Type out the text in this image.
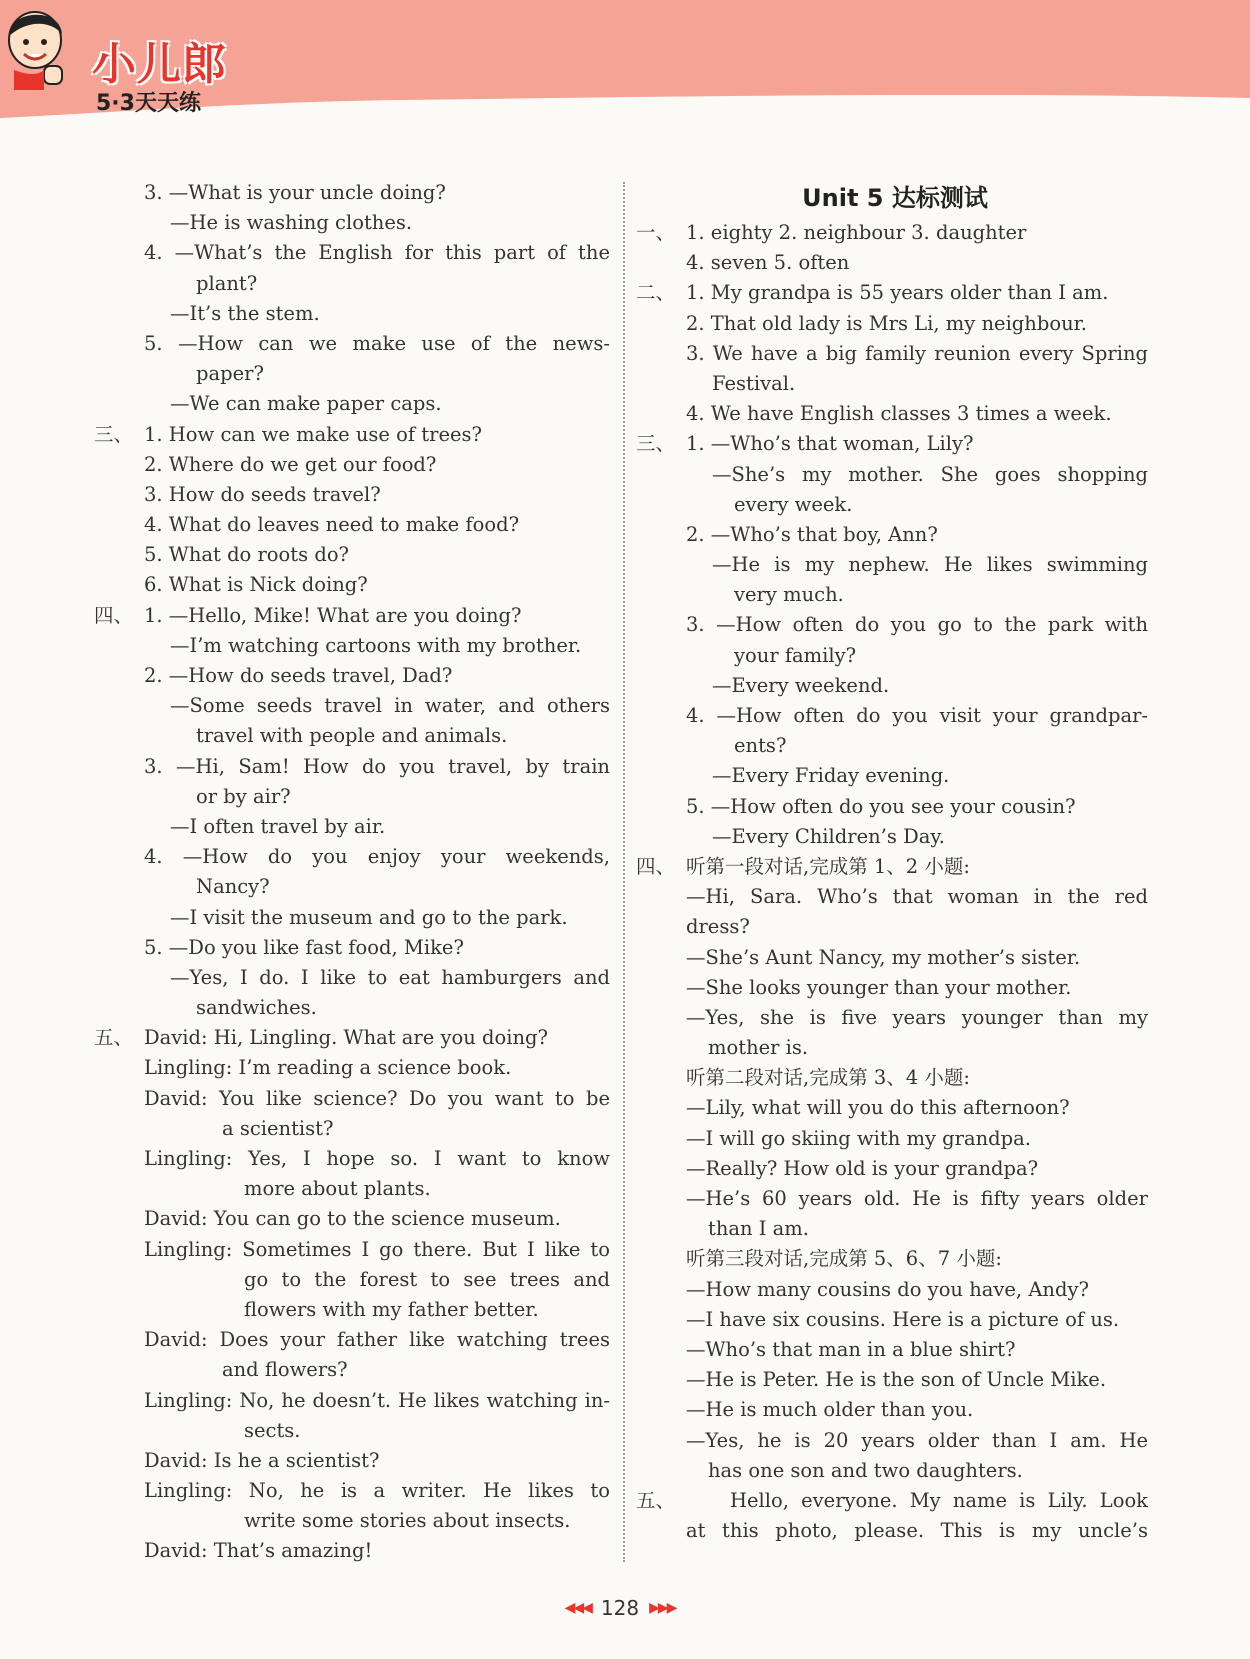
小儿郎
5·3天天练
3. —What is your uncle doing?
—He is washing clothes.
4. —What’s the English for this part of the
plant?
—It’s the stem.
5. —How can we make use of the news-
paper?
—We can make paper caps.
三、 1. How can we make use of trees?
2. Where do we get our food?
3. How do seeds travel?
4. What do leaves need to make food?
5. What do roots do?
6. What is Nick doing?
四、 1. —Hello, Mike! What are you doing?
—I’m watching cartoons with my brother.
2. —How do seeds travel, Dad?
—Some seeds travel in water, and others
travel with people and animals.
3. —Hi, Sam! How do you travel, by train
or by air?
—I often travel by air.
4. —How do you enjoy your weekends,
Nancy?
—I visit the museum and go to the park.
5. —Do you like fast food, Mike?
—Yes, I do. I like to eat hamburgers and
sandwiches.
五、 David: Hi, Lingling. What are you doing?
Lingling: I’m reading a science book.
David: You like science? Do you want to be
a scientist?
Lingling: Yes, I hope so. I want to know
more about plants.
David: You can go to the science museum.
Lingling: Sometimes I go there. But I like to
go to the forest to see trees and
flowers with my father better.
David: Does your father like watching trees
and flowers?
Lingling: No, he doesn’t. He likes watching in-
sects.
David: Is he a scientist?
Lingling: No, he is a writer. He likes to
write some stories about insects.
David: That’s amazing!
Unit 5 达标测试
一、 1. eighty 2. neighbour 3. daughter
4. seven 5. often
二、 1. My grandpa is 55 years older than I am.
2. That old lady is Mrs Li, my neighbour.
3. We have a big family reunion every Spring
Festival.
4. We have English classes 3 times a week.
三、 1. —Who’s that woman, Lily?
—She’s my mother. She goes shopping
every week.
2. —Who’s that boy, Ann?
—He is my nephew. He likes swimming
very much.
3. —How often do you go to the park with
your family?
—Every weekend.
4. —How often do you visit your grandpar-
ents?
—Every Friday evening.
5. —How often do you see your cousin?
—Every Children’s Day.
四、 听第一段对话,完成第 1、2 小题:
—Hi, Sara. Who’s that woman in the red
dress?
—She’s Aunt Nancy, my mother’s sister.
—She looks younger than your mother.
—Yes, she is five years younger than my
mother is.
听第二段对话,完成第 3、4 小题:
—Lily, what will you do this afternoon?
—I will go skiing with my grandpa.
—Really? How old is your grandpa?
—He’s 60 years old. He is fifty years older
than I am.
听第三段对话,完成第 5、6、7 小题:
—How many cousins do you have, Andy?
—I have six cousins. Here is a picture of us.
—Who’s that man in a blue shirt?
—He is Peter. He is the son of Uncle Mike.
—He is much older than you.
—Yes, he is 20 years older than I am. He
has one son and two daughters.
五、	Hello, everyone. My name is Lily. Look
at this photo, please. This is my uncle’s
◀◀◀ 128 ▶▶▶
